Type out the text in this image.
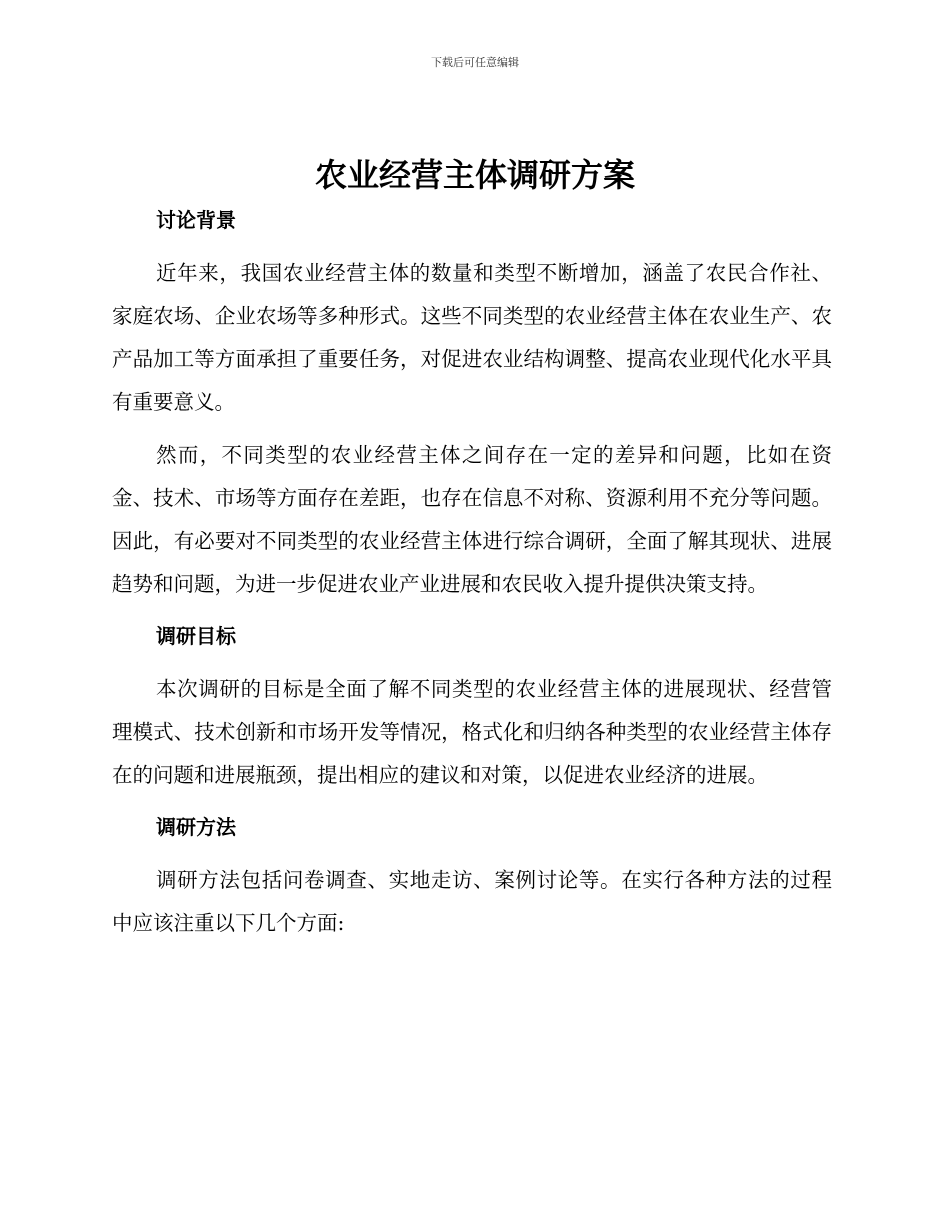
下载后可任意编辑
农业经营主体调研方案
讨论背景

近年来，我国农业经营主体的数量和类型不断增加，涵盖了农民合作社、家庭农场、企业农场等多种形式。这些不同类型的农业经营主体在农业生产、农产品加工等方面承担了重要任务，对促进农业结构调整、提高农业现代化水平具有重要意义。

然而，不同类型的农业经营主体之间存在一定的差异和问题，比如在资金、技术、市场等方面存在差距，也存在信息不对称、资源利用不充分等问题。因此，有必要对不同类型的农业经营主体进行综合调研，全面了解其现状、进展趋势和问题，为进一步促进农业产业进展和农民收入提升提供决策支持。

调研目标

本次调研的目标是全面了解不同类型的农业经营主体的进展现状、经营管理模式、技术创新和市场开发等情况，格式化和归纳各种类型的农业经营主体存在的问题和进展瓶颈，提出相应的建议和对策，以促进农业经济的进展。

调研方法

调研方法包括问卷调查、实地走访、案例讨论等。在实行各种方法的过程中应该注重以下几个方面:
